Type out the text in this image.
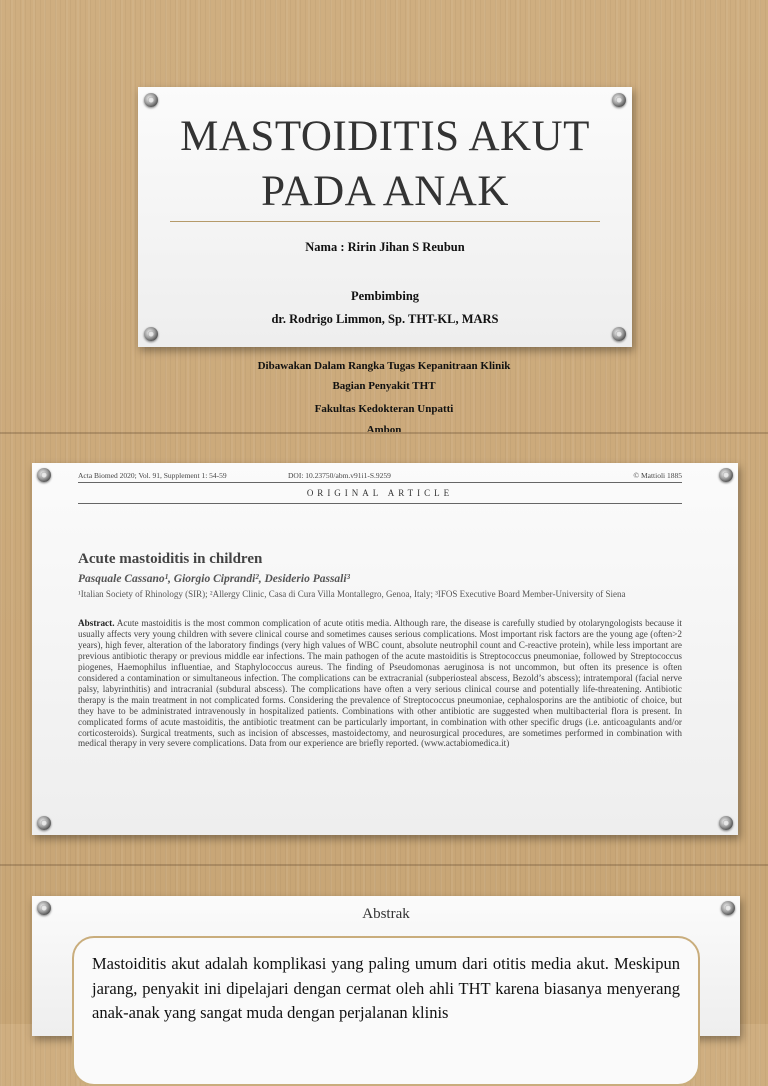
MASTOIDITIS AKUT
PADA ANAK
Nama : Ririn Jihan S Reubun
Pembimbing
dr. Rodrigo Limmon, Sp. THT-KL, MARS
Dibawakan Dalam Rangka Tugas Kepanitraan Klinik
Bagian Penyakit THT
Fakultas Kedokteran Unpatti
Ambon
Acta Biomed 2020; Vol. 91, Supplement 1: 54-59	DOI: 10.23750/abm.v91i1-S.9259	© Mattioli 1885
ORIGINAL ARTICLE
Acute mastoiditis in children
Pasquale Cassano¹, Giorgio Ciprandi², Desiderio Passali³
¹Italian Society of Rhinology (SIR); ²Allergy Clinic, Casa di Cura Villa Montallegro, Genoa, Italy; ³IFOS Executive Board Member-University of Siena
Abstract. Acute mastoiditis is the most common complication of acute otitis media. Although rare, the disease is carefully studied by otolaryngologists because it usually affects very young children with severe clinical course and sometimes causes serious complications. Most important risk factors are the young age (often>2 years), high fever, alteration of the laboratory findings (very high values of WBC count, absolute neutrophil count and C-reactive protein), while less important are previous antibiotic therapy or previous middle ear infections. The main pathogen of the acute mastoiditis is Streptococcus pneumoniae, followed by Streptococcus piogenes, Haemophilus influentiae, and Staphylococcus aureus. The finding of Pseudomonas aeruginosa is not uncommon, but often its presence is often considered a contamination or simultaneous infection. The complications can be extracranial (subperiosteal abscess, Bezold’s abscess); intratemporal (facial nerve palsy, labyrinthitis) and intracranial (subdural abscess). The complications have often a very serious clinical course and potentially life-threatening. Antibiotic therapy is the main treatment in not complicated forms. Considering the prevalence of Streptococcus pneumoniae, cephalosporins are the antibiotic of choice, but they have to be administrated intravenously in hospitalized patients. Combinations with other antibiotic are suggested when multibacterial flora is present. In complicated forms of acute mastoiditis, the antibiotic treatment can be particularly important, in combination with other specific drugs (i.e. anticoagulants and/or corticosteroids). Surgical treatments, such as incision of abscesses, mastoidectomy, and neurosurgical procedures, are sometimes performed in combination with medical therapy in very severe complications. Data from our experience are briefly reported. (www.actabiomedica.it)
Abstrak
Mastoiditis akut adalah komplikasi yang paling umum dari otitis media akut. Meskipun jarang, penyakit ini dipelajari dengan cermat oleh ahli THT karena biasanya menyerang anak-anak yang sangat muda dengan perjalanan klinis
